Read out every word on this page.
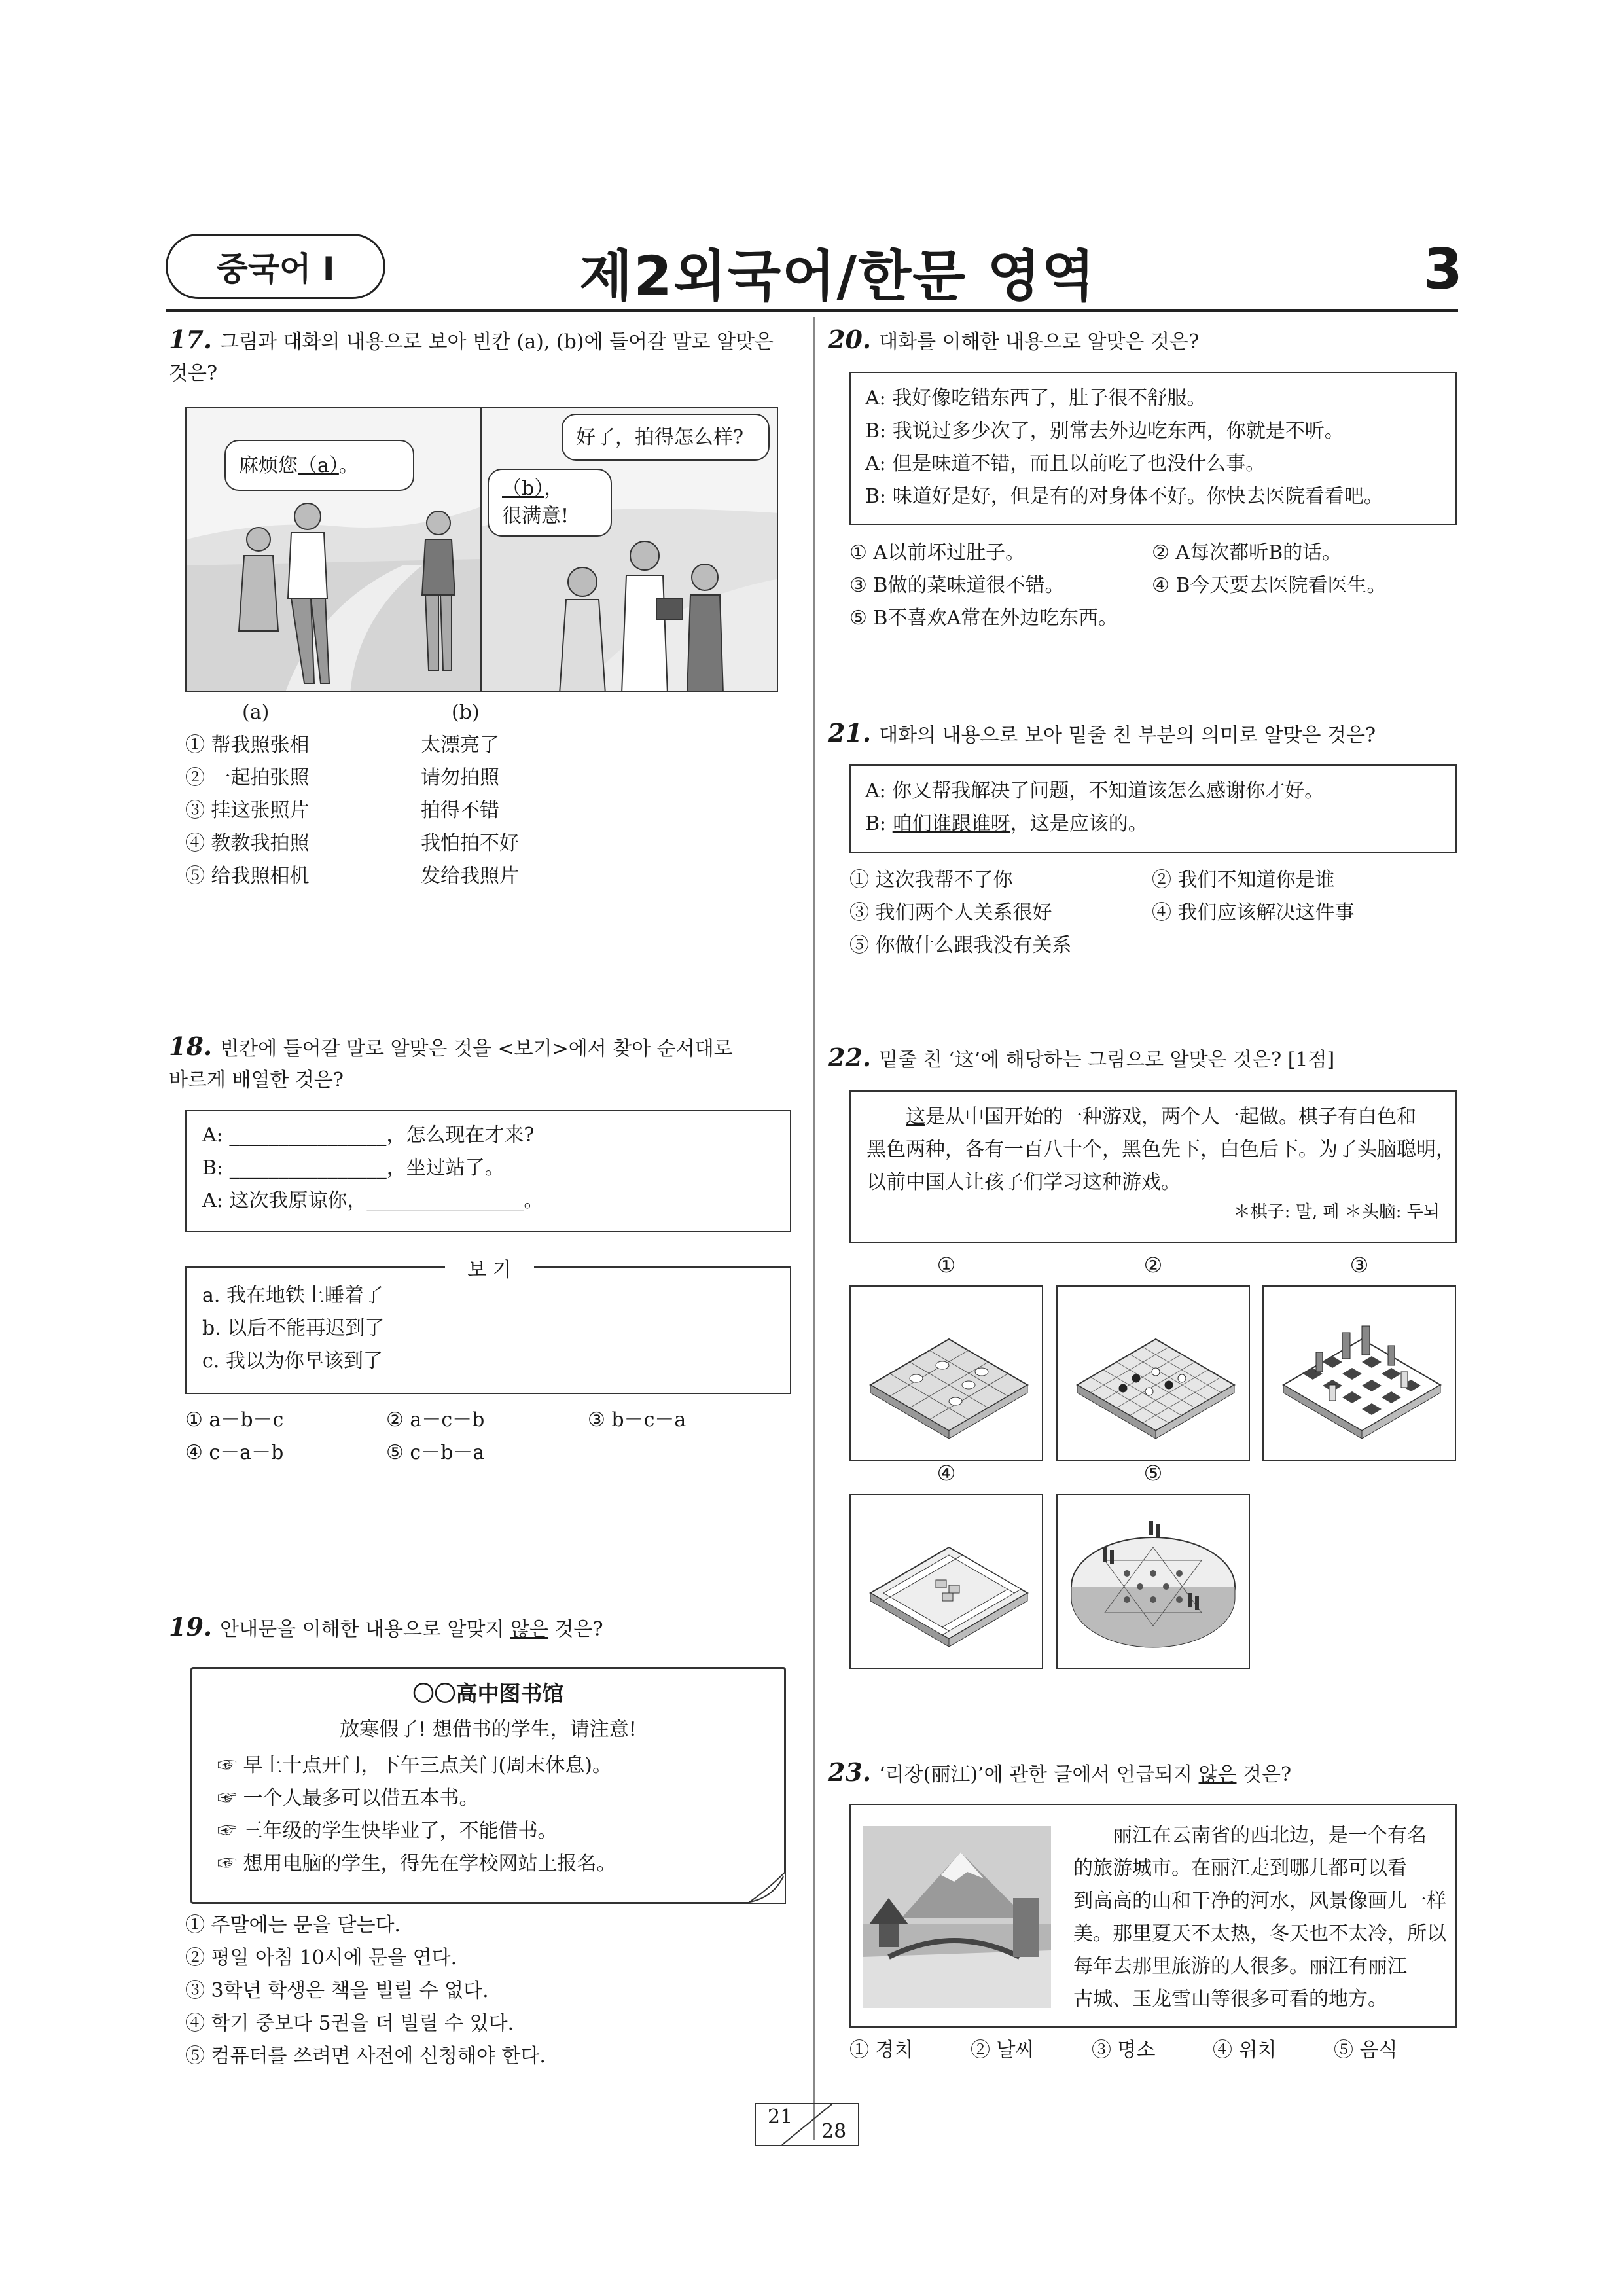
중국어 I	제2외국어/한문 영역	3
17. 그림과 대화의 내용으로 보아 빈칸 (a), (b)에 들어갈 말로 알맞은 것은?
麻烦您（a）。
好了，拍得怎么样?
（b），
很满意!
(a)	(b)
① 帮我照张相	太漂亮了
② 一起拍张照	请勿拍照
③ 挂这张照片	拍得不错
④ 教教我拍照	我怕拍不好
⑤ 给我照相机	发给我照片
18. 빈칸에 들어갈 말로 알맞은 것을 <보기>에서 찾아 순서대로
바르게 배열한 것은?
A: ________________，怎么现在才来?
B: ________________，坐过站了。
A: 这次我原谅你，________________。
보 기
a. 我在地铁上睡着了
b. 以后不能再迟到了
c. 我以为你早该到了
① a－b－c	② a－c－b	③ b－c－a
④ c－a－b	⑤ c－b－a
19. 안내문을 이해한 내용으로 알맞지 않은 것은?
〇〇高中图书馆
放寒假了! 想借书的学生，请注意!
☞ 早上十点开门，下午三点关门(周末休息)。
☞ 一个人最多可以借五本书。
☞ 三年级的学生快毕业了，不能借书。
☞ 想用电脑的学生，得先在学校网站上报名。
① 주말에는 문을 닫는다.
② 평일 아침 10시에 문을 연다.
③ 3학년 학생은 책을 빌릴 수 없다.
④ 학기 중보다 5권을 더 빌릴 수 있다.
⑤ 컴퓨터를 쓰려면 사전에 신청해야 한다.
20. 대화를 이해한 내용으로 알맞은 것은?
A: 我好像吃错东西了，肚子很不舒服。
B: 我说过多少次了，别常去外边吃东西，你就是不听。
A: 但是味道不错，而且以前吃了也没什么事。
B: 味道好是好，但是有的对身体不好。你快去医院看看吧。
① A以前坏过肚子。	② A每次都听B的话。
③ B做的菜味道很不错。	④ B今天要去医院看医生。
⑤ B不喜欢A常在外边吃东西。
21. 대화의 내용으로 보아 밑줄 친 부분의 의미로 알맞은 것은?
A: 你又帮我解决了问题，不知道该怎么感谢你才好。
B: 咱们谁跟谁呀，这是应该的。
① 这次我帮不了你	② 我们不知道你是谁
③ 我们两个人关系很好	④ 我们应该解决这件事
⑤ 你做什么跟我没有关系
22. 밑줄 친 ‘这’에 해당하는 그림으로 알맞은 것은? [1점]
这是从中国开始的一种游戏，两个人一起做。棋子有白色和
黑色两种，各有一百八十个，黑色先下，白色后下。为了头脑聪明，
以前中国人让孩子们学习这种游戏。
＊棋子: 말, 폐 ＊头脑: 두뇌
①	②	③
④	⑤
23. ‘리장(丽江)’에 관한 글에서 언급되지 않은 것은?
丽江在云南省的西北边，是一个有名
的旅游城市。在丽江走到哪儿都可以看
到高高的山和干净的河水，风景像画儿一样
美。那里夏天不太热，冬天也不太冷，所以
每年去那里旅游的人很多。丽江有丽江
古城、玉龙雪山等很多可看的地方。
① 경치	② 날씨	③ 명소	④ 위치	⑤ 음식
21
28
